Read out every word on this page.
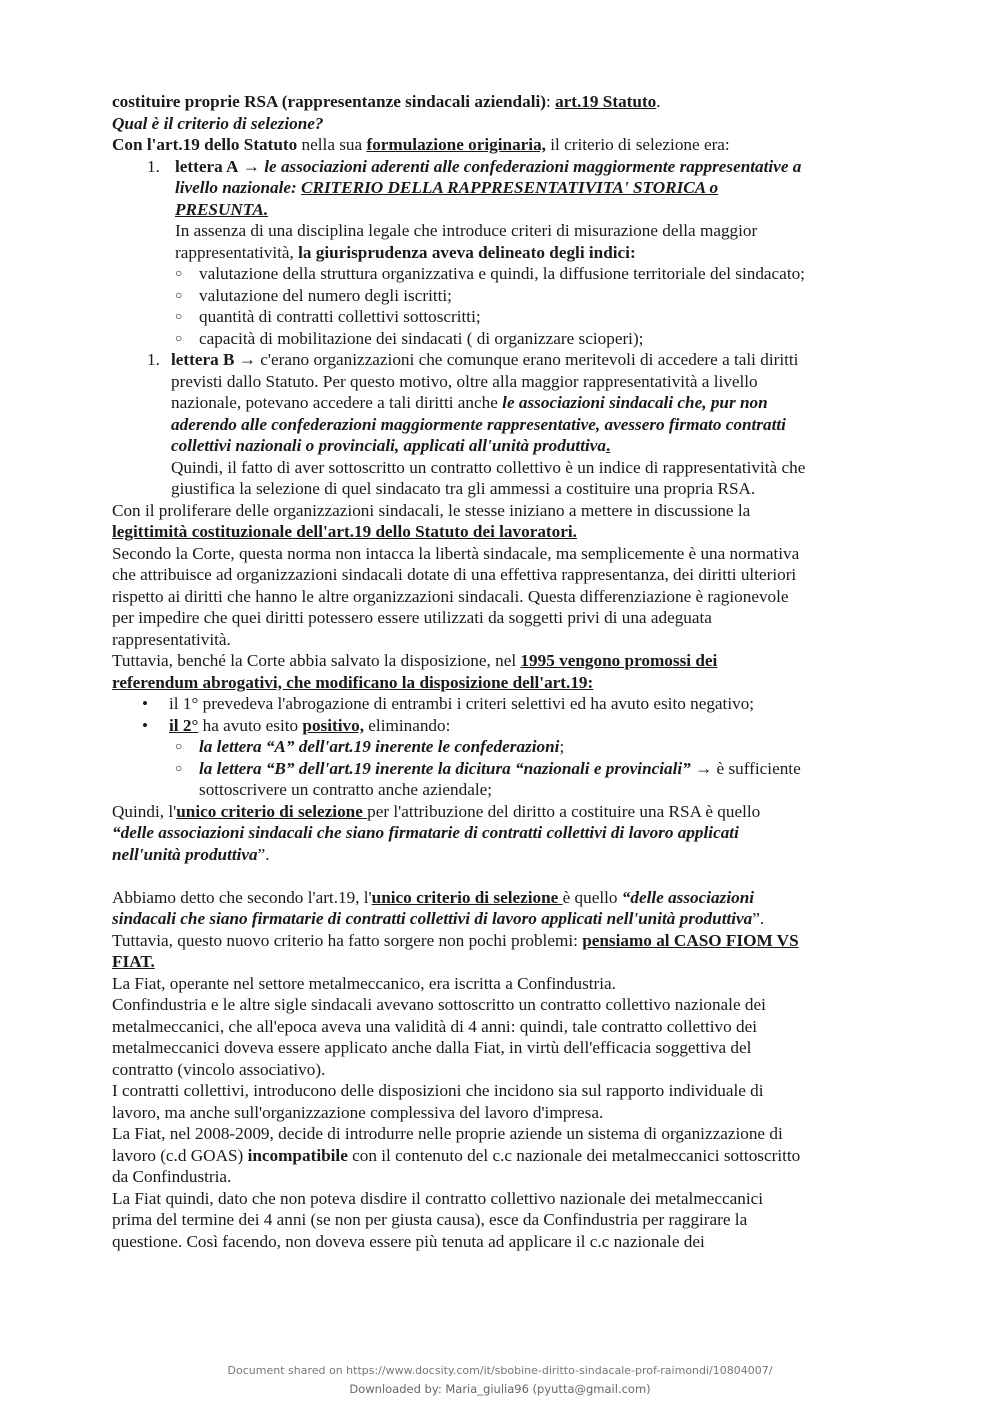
costituire proprie RSA (rappresentanze sindacali aziendali): art.19 Statuto.
Qual è il criterio di selezione?
Con l'art.19 dello Statuto nella sua formulazione originaria, il criterio di selezione era:
1. lettera A → le associazioni aderenti alle confederazioni maggiormente rappresentative a
livello nazionale: CRITERIO DELLA RAPPRESENTATIVITA' STORICA o
PRESUNTA.
In assenza di una disciplina legale che introduce criteri di misurazione della maggior
rappresentatività, la giurisprudenza aveva delineato degli indici:
○ valutazione della struttura organizzativa e quindi, la diffusione territoriale del sindacato;
○ valutazione del numero degli iscritti;
○ quantità di contratti collettivi sottoscritti;
○ capacità di mobilitazione dei sindacati ( di organizzare scioperi);
1. lettera B → c'erano organizzazioni che comunque erano meritevoli di accedere a tali diritti
previsti dallo Statuto. Per questo motivo, oltre alla maggior rappresentatività a livello
nazionale, potevano accedere a tali diritti anche le associazioni sindacali che, pur non
aderendo alle confederazioni maggiormente rappresentative, avessero firmato contratti
collettivi nazionali o provinciali, applicati all'unità produttiva.
Quindi, il fatto di aver sottoscritto un contratto collettivo è un indice di rappresentatività che
giustifica la selezione di quel sindacato tra gli ammessi a costituire una propria RSA.
Con il proliferare delle organizzazioni sindacali, le stesse iniziano a mettere in discussione la
legittimità costituzionale dell'art.19 dello Statuto dei lavoratori.
Secondo la Corte, questa norma non intacca la libertà sindacale, ma semplicemente è una normativa
che attribuisce ad organizzazioni sindacali dotate di una effettiva rappresentanza, dei diritti ulteriori
rispetto ai diritti che hanno le altre organizzazioni sindacali. Questa differenziazione è ragionevole
per impedire che quei diritti potessero essere utilizzati da soggetti privi di una adeguata
rappresentatività.
Tuttavia, benché la Corte abbia salvato la disposizione, nel 1995 vengono promossi dei
referendum abrogativi, che modificano la disposizione dell'art.19:
•	il 1° prevedeva l'abrogazione di entrambi i criteri selettivi ed ha avuto esito negativo;
•	il 2° ha avuto esito positivo, eliminando:
○ la lettera “A” dell'art.19 inerente le confederazioni;
○ la lettera “B” dell'art.19 inerente la dicitura “nazionali e provinciali” → è sufficiente
sottoscrivere un contratto anche aziendale;
Quindi, l'unico criterio di selezione per l'attribuzione del diritto a costituire una RSA è quello
“delle associazioni sindacali che siano firmatarie di contratti collettivi di lavoro applicati
nell'unità produttiva”.
Abbiamo detto che secondo l'art.19, l'unico criterio di selezione è quello “delle associazioni
sindacali che siano firmatarie di contratti collettivi di lavoro applicati nell'unità produttiva”.
Tuttavia, questo nuovo criterio ha fatto sorgere non pochi problemi: pensiamo al CASO FIOM VS
FIAT.
La Fiat, operante nel settore metalmeccanico, era iscritta a Confindustria.
Confindustria e le altre sigle sindacali avevano sottoscritto un contratto collettivo nazionale dei
metalmeccanici, che all'epoca aveva una validità di 4 anni: quindi, tale contratto collettivo dei
metalmeccanici doveva essere applicato anche dalla Fiat, in virtù dell'efficacia soggettiva del
contratto (vincolo associativo).
I contratti collettivi, introducono delle disposizioni che incidono sia sul rapporto individuale di
lavoro, ma anche sull'organizzazione complessiva del lavoro d'impresa.
La Fiat, nel 2008-2009, decide di introdurre nelle proprie aziende un sistema di organizzazione di
lavoro (c.d GOAS) incompatibile con il contenuto del c.c nazionale dei metalmeccanici sottoscritto
da Confindustria.
La Fiat quindi, dato che non poteva disdire il contratto collettivo nazionale dei metalmeccanici
prima del termine dei 4 anni (se non per giusta causa), esce da Confindustria per raggirare la
questione. Così facendo, non doveva essere più tenuta ad applicare il c.c nazionale dei
Document shared on https://www.docsity.com/it/sbobine-diritto-sindacale-prof-raimondi/10804007/
Downloaded by: Maria_giulia96 (pyutta@gmail.com)
